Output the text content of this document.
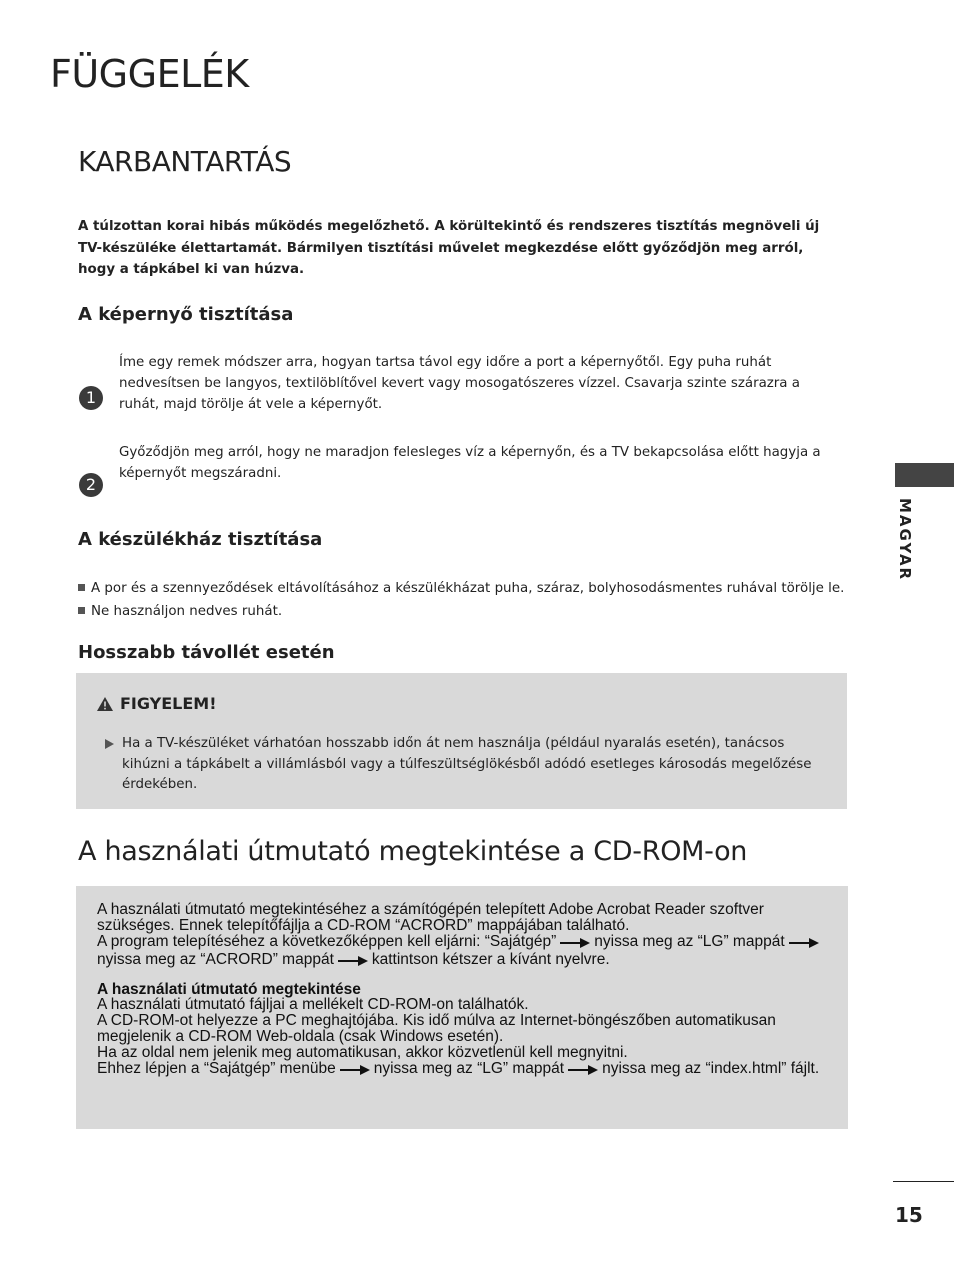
FÜGGELÉK
KARBANTARTÁS

A túlzottan korai hibás működés megelőzhető. A körültekintő és rendszeres tisztítás megnöveli új TV-készüléke élettartamát. Bármilyen tisztítási művelet megkezdése előtt győződjön meg arról, hogy a tápkábel ki van húzva.

A képernyő tisztítása
1

Íme egy remek módszer arra, hogyan tartsa távol egy időre a port a képernyőtől. Egy puha ruhát nedvesítsen be langyos, textilöblítővel kevert vagy mosogatószeres vízzel. Csavarja szinte szárazra a ruhát, majd törölje át vele a képernyőt.

2

Győződjön meg arról, hogy ne maradjon felesleges víz a képernyőn, és a TV bekapcsolása előtt hagyja a képernyőt megszáradni.

A készülékház tisztítása
A por és a szennyeződések eltávolításához a készülékházat puha, száraz, bolyhosodásmentes ruhával törölje le.
Ne használjon nedves ruhát.
Hosszabb távollét esetén
FIGYELEM!

Ha a TV-készüléket várhatóan hosszabb időn át nem használja (például nyaralás esetén), tanácsos kihúzni a tápkábelt a villámlásból vagy a túlfeszültséglökésből adódó esetleges károsodás megelőzése érdekében.

A használati útmutató megtekintése a CD-ROM-on

A használati útmutató megtekintéséhez a számítógépén telepített Adobe Acrobat Reader szoftver szükséges. Ennek telepítőfájlja a CD-ROM “ACRORD” mappájában található.

A program telepítéséhez a következőképpen kell eljárni: “Sajátgép” nyissa meg az “LG” mappátnyissa meg az “ACRORD” mappát kattintson kétszer a kívánt nyelvre.

A használati útmutató megtekintése

A használati útmutató fájljai a mellékelt CD-ROM-on találhatók.

A CD-ROM-ot helyezze a PC meghajtójába. Kis idő múlva az Internet-böngészőben automatikusan megjelenik a CD-ROM Web-oldala (csak Windows esetén).

Ha az oldal nem jelenik meg automatikusan, akkor közvetlenül kell megnyitni.

Ehhez lépjen a “Sajátgép” menübe nyissa meg az “LG” mappát nyissa meg az “index.html” fájlt.

MAGYAR
15
